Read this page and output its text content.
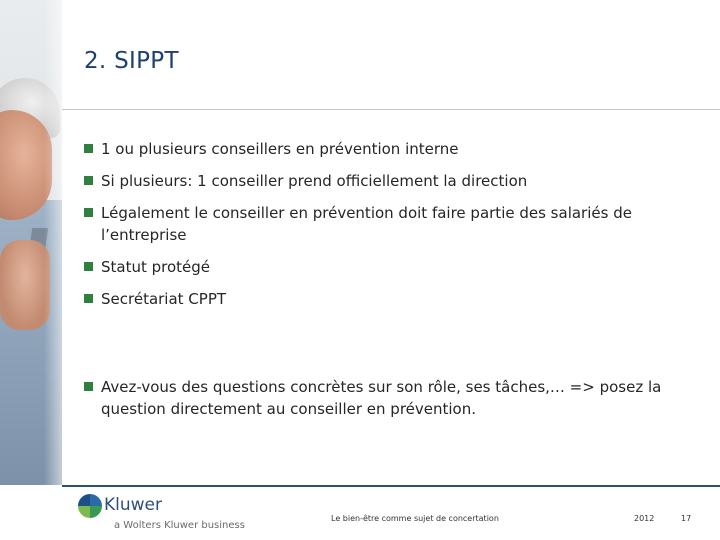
2. SIPPT
1 ou plusieurs conseillers en prévention interne
Si plusieurs: 1 conseiller prend officiellement la direction
Légalement le conseiller en prévention doit faire partie des salariés de l’entreprise
Statut protégé
Secrétariat CPPT
Avez-vous des questions concrètes sur son rôle, ses tâches,… => posez la question directement au conseiller en prévention.
Kluwer
a Wolters Kluwer business
Le bien-être comme sujet de concertation	2012	17
